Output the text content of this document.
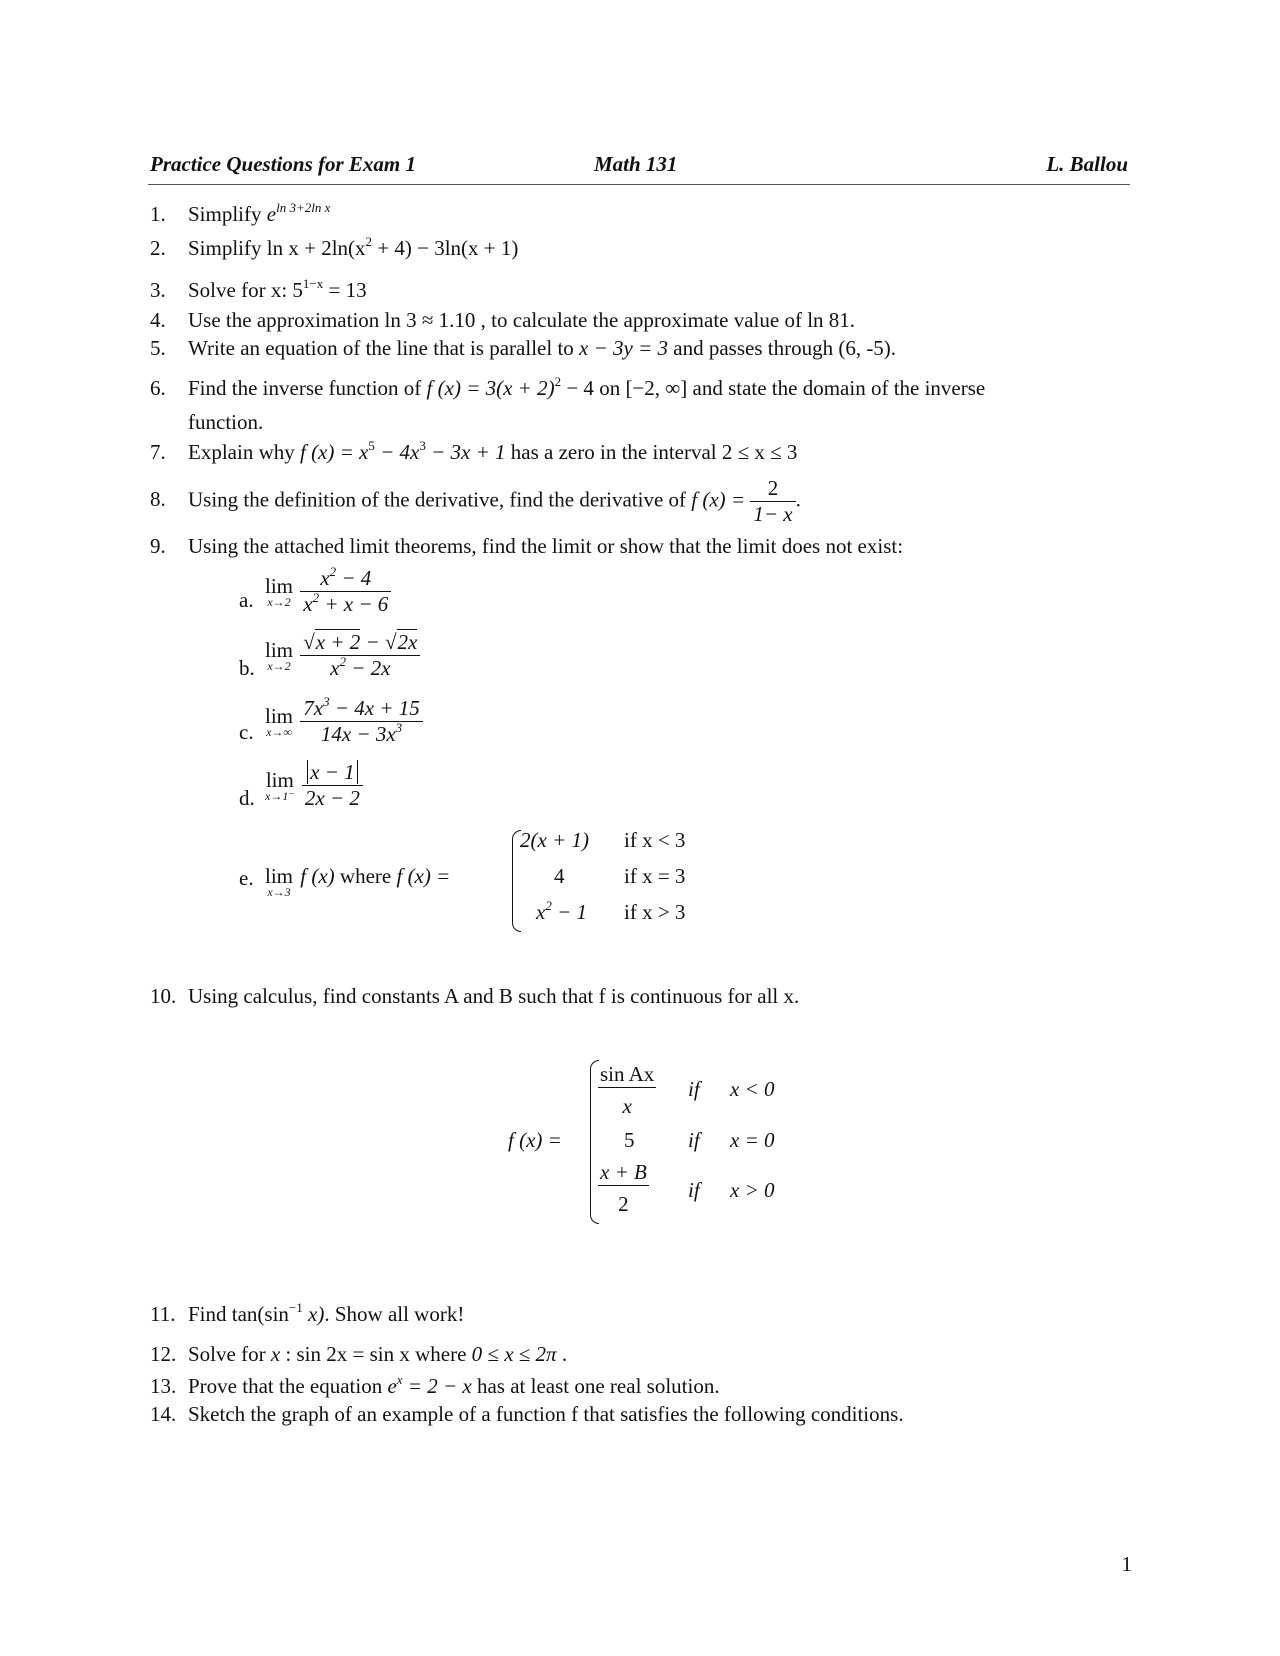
Practice Questions for Exam 1	Math 131	L. Ballou
1. Simplify $e^{ln 3+2ln x}$
2. Simplify $\ln x + 2\ln(x^2 + 4) - 3\ln(x + 1)$
3. Solve for x: $5^{1-x} = 13$
4. Use the approximation ln 3 ≈ 1.10 , to calculate the approximate value of ln 81.
5. Write an equation of the line that is parallel to x − 3y = 3 and passes through (6, -5).
6. Find the inverse function of f $(x) = 3(x + 2)^2 - 4$ on [−2, ∞] and state the domain of the inverse
function.
7. Explain why f $(x) = x^5 - 4x^3 - 3x + 1$ has a zero in the interval 2 ≤ x ≤ 3
8. Using the definition of the derivative, find the derivative of f $(x) = \frac{2}{1- x}$ .
9. Using the attached limit theorems, find the limit or show that the limit does not exist:
a.
lim
x→2
$\frac{x^2 - 4}{x^2 + x - 6}$
b.
lim
x→2
$\frac{√x + 2 - √2x}{x^2 - 2x}$
c.
lim
x→∞
$\frac{7x^3 - 4x + 15}{14x - 3x^3}$
d.
lim
x→1⁻
$\frac{x - 1}{2x - 2}$
e. lim
x→3
f (x) where f (x) =
2(x + 1) if x < 3
4	if x = 3
$x^2 - 1$ if x > 3
10. Using calculus, find constants A and B such that f is continuous for all x.
f (x) =
$\frac{\text{sin Ax}}{x}$ if x < 0
5	if x = 0
$\frac{x + B}{2}$ if x > 0
11. Find $\tan(\sin^{-1}$ x). Show all work!
12. Solve for x : sin 2x = sin x where 0 ≤ x ≤ 2π .
13. Prove that the equation $e^x = 2 - x$ has at least one real solution.
14. Sketch the graph of an example of a function f that satisfies the following conditions.
1
